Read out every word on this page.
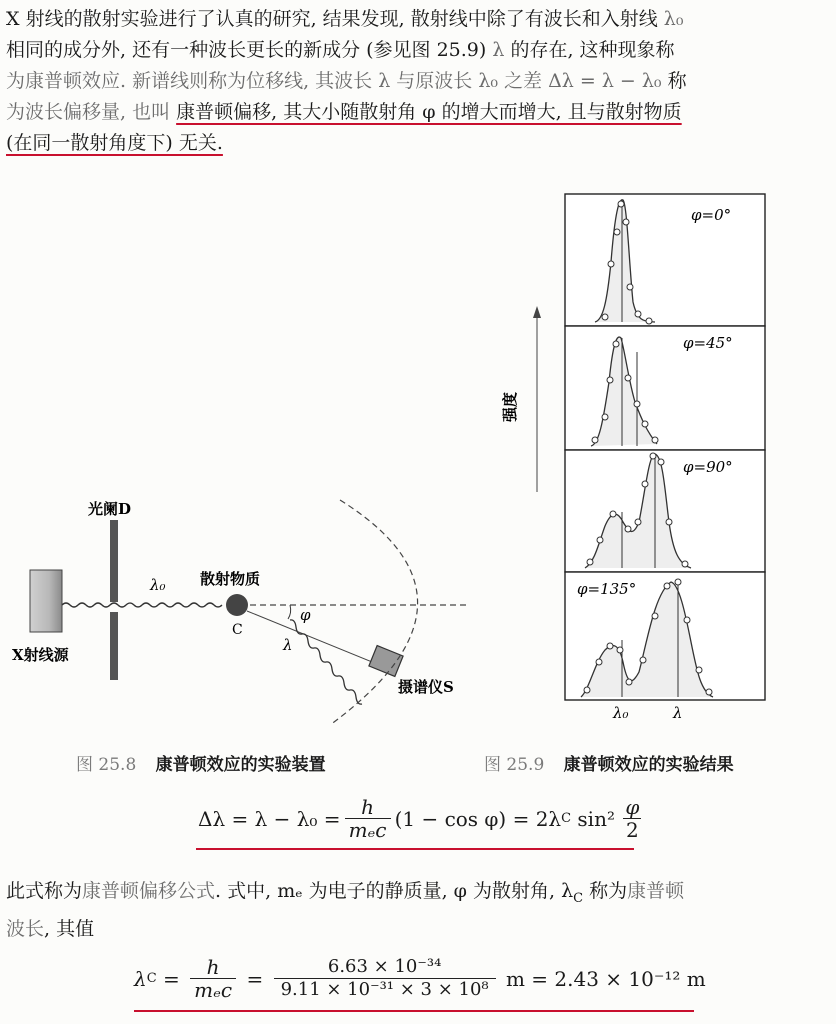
X 射线的散射实验进行了认真的研究, 结果发现, 散射线中除了有波长和入射线 λ₀
相同的成分外, 还有一种波长更长的新成分 (参见图 25.9) λ 的存在, 这种现象称
为康普顿效应. 新谱线则称为位移线, 其波长 λ 与原波长 λ₀ 之差 Δλ = λ − λ₀ 称
为波长偏移量, 也叫 康普顿偏移, 其大小随散射角 φ 的增大而增大, 且与散射物质
(在同一散射角度下) 无关.
X射线源
光阑D
λ₀ 散射物质
C
φ
λ
摄谱仪S
图 25.8 康普顿效应的实验装置
强度
φ=0°
φ=45°
φ=90°
φ=135°
λ₀	λ
图 25.9 康普顿效应的实验结果
Δλ = λ − λ₀ = h
mₑc (1 − cos φ) = 2λ C sin² φ
2
此式称为康普顿偏移公式. 式中, mₑ 为电子的静质量, φ 为散射角, $\lambda_C$ 称为康普顿
波长, 其值
λ C = h
mₑc =	6.63 × 10⁻³⁴
9.11 × 10⁻³¹ × 3 × 10⁸ m = 2.43 × 10⁻¹² m
